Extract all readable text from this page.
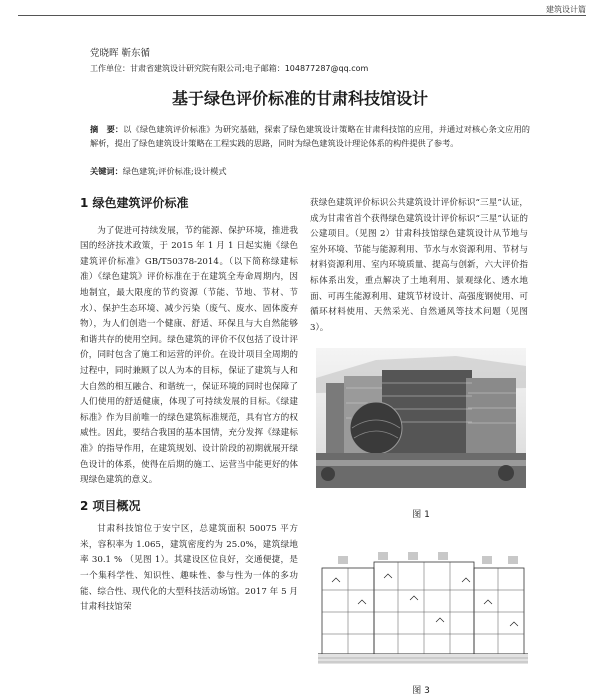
建筑设计篇
党晓晖 靳东循
工作单位：甘肃省建筑设计研究院有限公司;电子邮箱：104877287@qq.com
基于绿色评价标准的甘肃科技馆设计
摘　要：以《绿色建筑评价标准》为研究基础，探索了绿色建筑设计策略在甘肃科技馆的应用，并通过对核心条文应用的解析，提出了绿色建筑设计策略在工程实践的思路，同时为绿色建筑设计理论体系的构件提供了参考。
关键词：绿色建筑;评价标准;设计模式
1 绿色建筑评价标准

为了促进可持续发展，节约能源、保护环境，推进我国的经济技术政策，于 2015 年 1 月 1 日起实施《绿色建筑评价标准》GB/T50378-2014。（以下简称绿建标准）《绿色建筑》评价标准在于在建筑全寿命周期内，因地制宜，最大限度的节约资源（节能、节地、节材、节水）、保护生态环境、减少污染（废气、废水、固体废弃物），为人们创造一个健康、舒适、环保且与大自然能够和谐共存的使用空间。绿色建筑的评价不仅包括了设计评价，同时包含了施工和运营的评价。在设计项目全周期的过程中，同时兼顾了以人为本的目标，保证了建筑与人和大自然的相互融合、和谐统一，保证环境的同时也保障了人们使用的舒适健康，体现了可持续发展的目标。《绿建标准》作为目前唯一的绿色建筑标准规范，具有官方的权威性。因此，要结合我国的基本国情，充分发挥《绿建标准》的指导作用，在建筑规划、设计阶段的初期就展开绿色设计的体系，使得在后期的施工、运营当中能更好的体现绿色建筑的意义。

2 项目概况

甘肃科技馆位于安宁区，总建筑面积 50075 平方米，容积率为 1.065，建筑密度约为 25.0%，建筑绿地率 30.1 % （见图 1）。其建设区位良好，交通便捷，是一个集科学性、知识性、趣味性、参与性为一体的多功能、综合性、现代化的大型科技活动场馆。2017 年 5 月甘肃科技馆荣

获绿色建筑评价标识公共建筑设计评价标识“三星”认证，成为甘肃省首个获得绿色建筑设计评价标识“三星”认证的公建项目。（见图 2）甘肃科技馆绿色建筑设计从节地与室外环境、节能与能源利用、节水与水资源利用、节材与材料资源利用、室内环境质量、提高与创新，六大评价指标体系出发，重点解决了土地利用、景观绿化、透水地面、可再生能源利用、建筑节材设计、高强度钢使用、可循环材料使用、天然采光、自然通风等技术问题（见图 3）。

图 1
图 3
